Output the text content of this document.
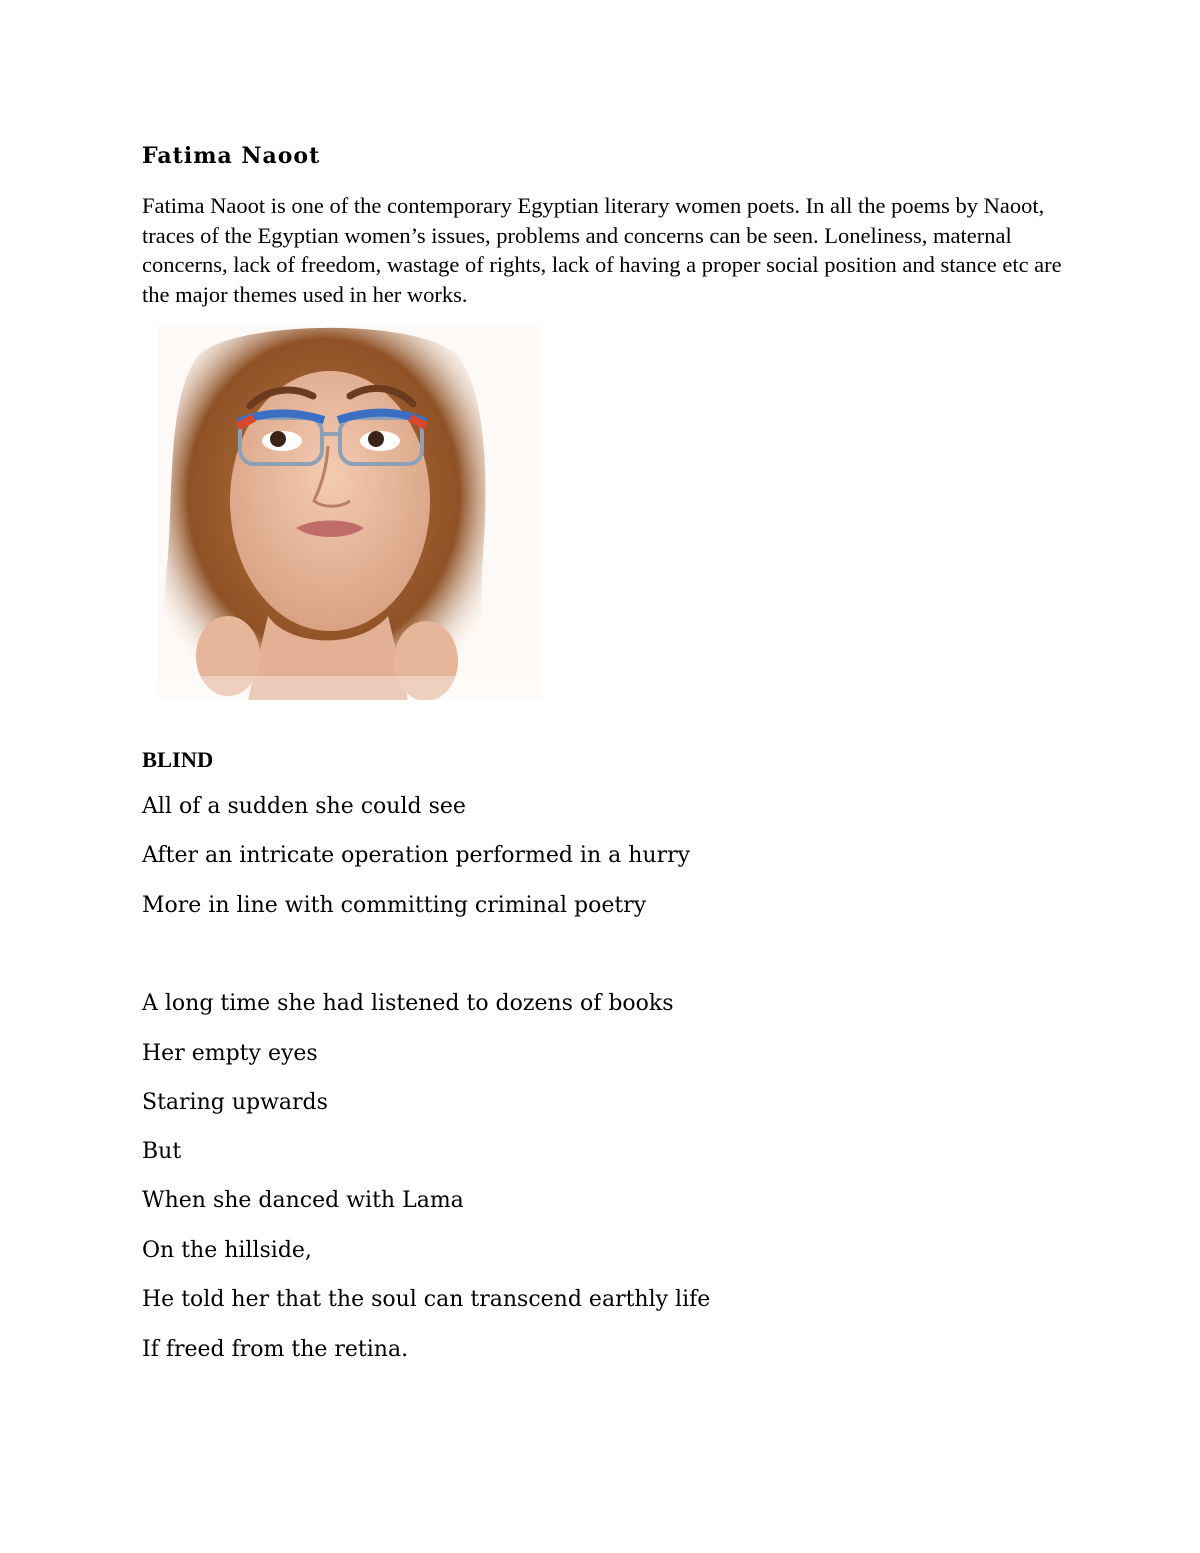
Fatima Naoot
Fatima Naoot is one of the contemporary Egyptian literary women poets. In all the poems by Naoot, traces of the Egyptian women’s issues, problems and concerns can be seen. Loneliness, maternal concerns, lack of freedom, wastage of rights, lack of having a proper social position and stance etc are the major themes used in her works.
BLIND
All of a sudden she could see
After an intricate operation performed in a hurry
More in line with committing criminal poetry
A long time she had listened to dozens of books
Her empty eyes
Staring upwards
But
When she danced with Lama
On the hillside,
He told her that the soul can transcend earthly life
If freed from the retina.
